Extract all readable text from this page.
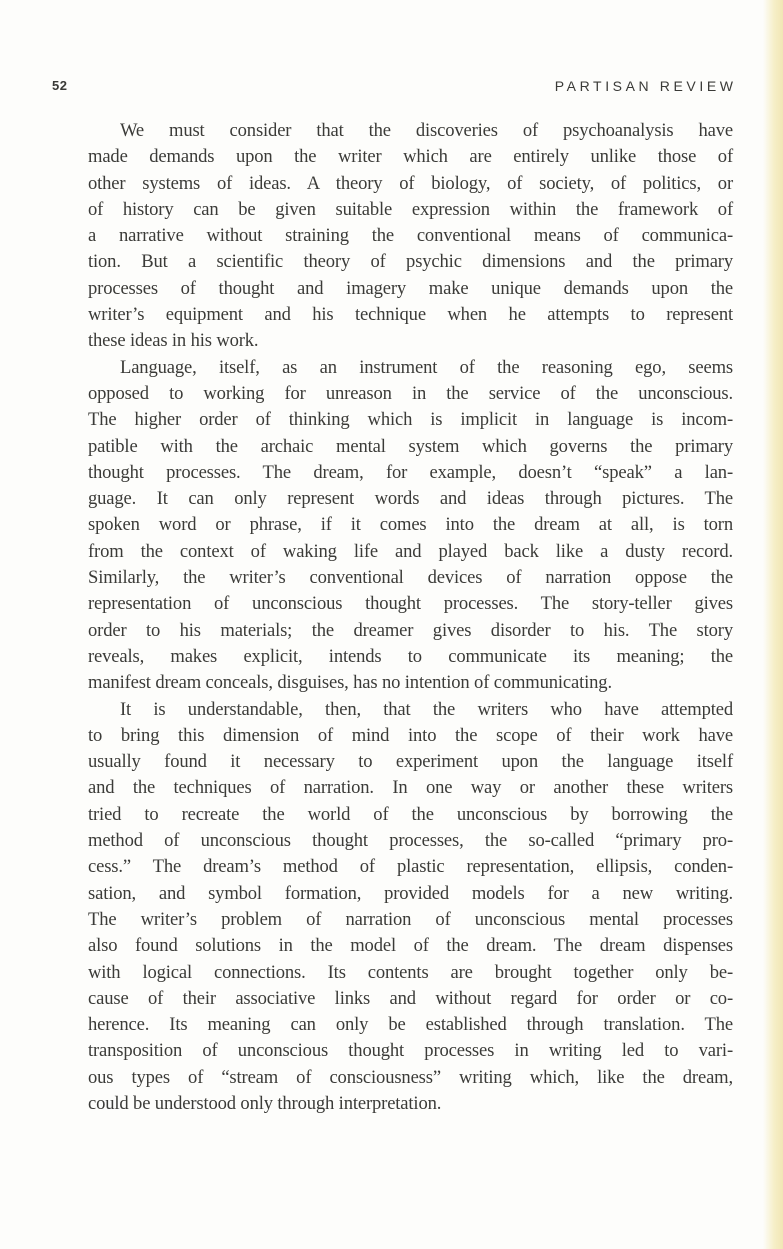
52	PARTISAN REVIEW
We must consider that the discoveries of psychoanalysis have
made demands upon the writer which are entirely unlike those of
other systems of ideas. A theory of biology, of society, of politics, or
of history can be given suitable expression within the framework of
a narrative without straining the conventional means of communica-
tion. But a scientific theory of psychic dimensions and the primary
processes of thought and imagery make unique demands upon the
writer’s equipment and his technique when he attempts to represent
these ideas in his work.
Language, itself, as an instrument of the reasoning ego, seems
opposed to working for unreason in the service of the unconscious.
The higher order of thinking which is implicit in language is incom-
patible with the archaic mental system which governs the primary
thought processes. The dream, for example, doesn’t “speak” a lan-
guage. It can only represent words and ideas through pictures. The
spoken word or phrase, if it comes into the dream at all, is torn
from the context of waking life and played back like a dusty record.
Similarly, the writer’s conventional devices of narration oppose the
representation of unconscious thought processes. The story-teller gives
order to his materials; the dreamer gives disorder to his. The story
reveals, makes explicit, intends to communicate its meaning; the
manifest dream conceals, disguises, has no intention of communicating.
It is understandable, then, that the writers who have attempted
to bring this dimension of mind into the scope of their work have
usually found it necessary to experiment upon the language itself
and the techniques of narration. In one way or another these writers
tried to recreate the world of the unconscious by borrowing the
method of unconscious thought processes, the so-called “primary pro-
cess.” The dream’s method of plastic representation, ellipsis, conden-
sation, and symbol formation, provided models for a new writing.
The writer’s problem of narration of unconscious mental processes
also found solutions in the model of the dream. The dream dispenses
with logical connections. Its contents are brought together only be-
cause of their associative links and without regard for order or co-
herence. Its meaning can only be established through translation. The
transposition of unconscious thought processes in writing led to vari-
ous types of “stream of consciousness” writing which, like the dream,
could be understood only through interpretation.
